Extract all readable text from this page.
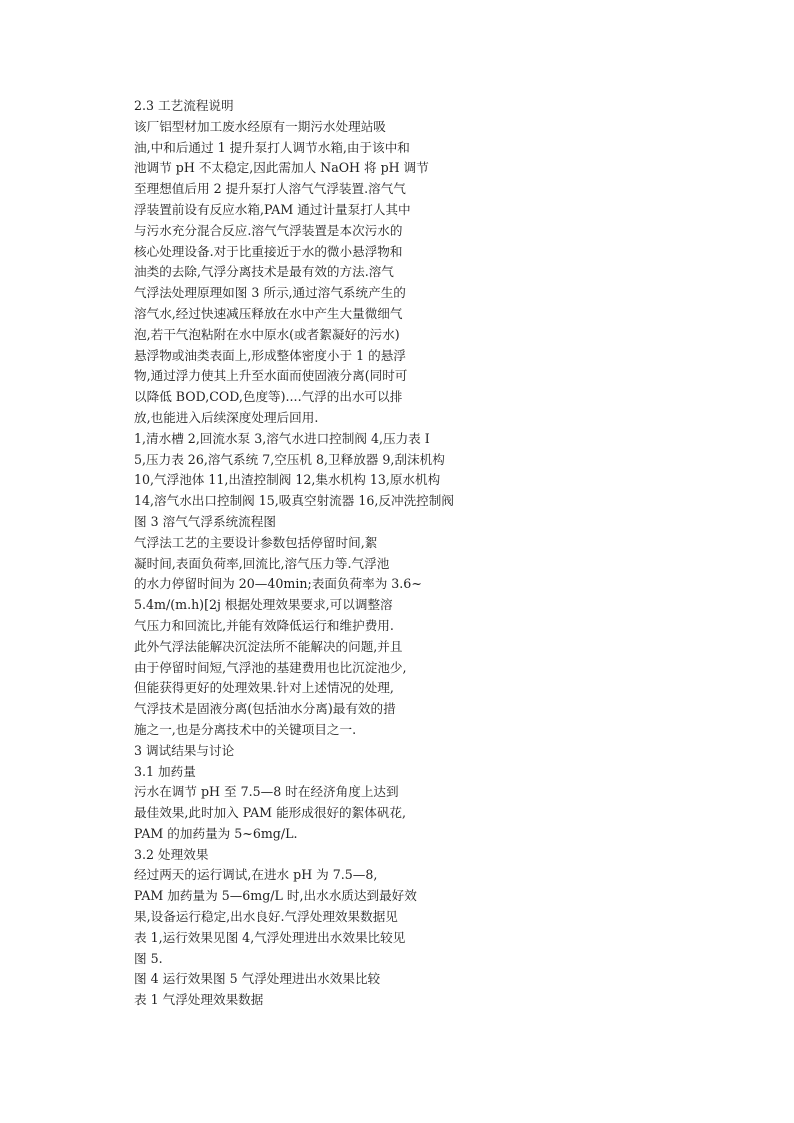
2.3 工艺流程说明
该厂铝型材加工废水经原有一期污水处理站吸
油,中和后通过 1 提升泵打人调节水箱,由于该中和
池调节 pH 不太稳定,因此需加人 NaOH 将 pH 调节
至理想值后用 2 提升泵打人溶气气浮装置.溶气气
浮装置前设有反应水箱,PAM 通过计量泵打人其中
与污水充分混合反应.溶气气浮装置是本次污水的
核心处理设备.对于比重接近于水的微小悬浮物和
油类的去除,气浮分离技术是最有效的方法.溶气
气浮法处理原理如图 3 所示,通过溶气系统产生的
溶气水,经过快速减压释放在水中产生大量微细气
泡,若干气泡粘附在水中原水(或者絮凝好的污水)
悬浮物或油类表面上,形成整体密度小于 1 的悬浮
物,通过浮力使其上升至水面而使固液分离(同时可
以降低 BOD,COD,色度等)....气浮的出水可以排
放,也能进入后续深度处理后回用.
1,清水槽 2,回流水泵 3,溶气水进口控制阀 4,压力表 I
5,压力表 26,溶气系统 7,空压机 8,卫释放器 9,刮沫机构
10,气浮池体 11,出渣控制阀 12,集水机构 13,原水机构
14,溶气水出口控制阀 15,吸真空射流器 16,反冲洗控制阀
图 3 溶气气浮系统流程图
气浮法工艺的主要设计参数包括停留时间,絮
凝时间,表面负荷率,回流比,溶气压力等.气浮池
的水力停留时间为 20—40min;表面负荷率为 3.6~
5.4m/(m.h)[2j 根据处理效果要求,可以调整溶
气压力和回流比,并能有效降低运行和维护费用.
此外气浮法能解决沉淀法所不能解决的问题,并且
由于停留时间短,气浮池的基建费用也比沉淀池少,
但能获得更好的处理效果.针对上述情况的处理,
气浮技术是固液分离(包括油水分离)最有效的措
施之一,也是分离技术中的关键项目之一.
3 调试结果与讨论
3.1 加药量
污水在调节 pH 至 7.5—8 时在经济角度上达到
最佳效果,此时加入 PAM 能形成很好的絮体矾花,
PAM 的加药量为 5~6mg/L.
3.2 处理效果
经过两天的运行调试,在进水 pH 为 7.5—8,
PAM 加药量为 5—6mg/L 时,出水水质达到最好效
果,设备运行稳定,出水良好.气浮处理效果数据见
表 1,运行效果见图 4,气浮处理进出水效果比较见
图 5.
图 4 运行效果图 5 气浮处理进出水效果比较
表 1 气浮处理效果数据
